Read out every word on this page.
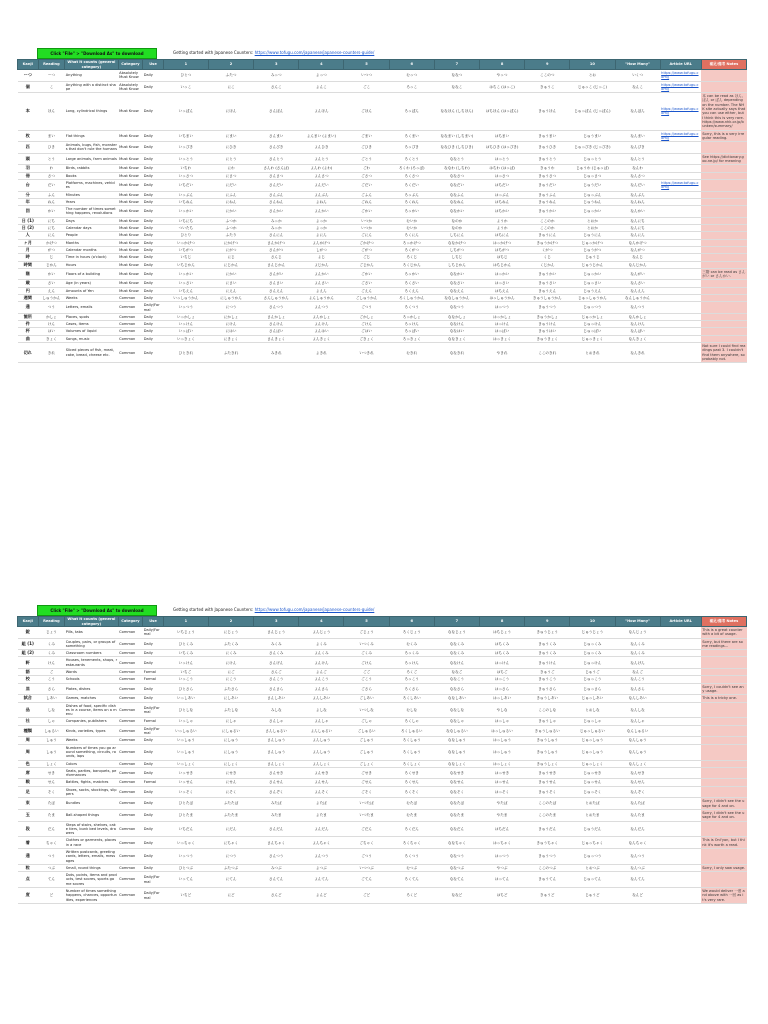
Click "File" > "Download As" to download	Getting started with Japanese Counters: https://www.tofugu.com/japanese/japanese-counters-guide/
Kanji	Reading	What it counts (general category)	Category	Use	1	2	3	4	5	6	7	8	9	10	"How Many"	Article URL	補足/備考 Notes
ーつ	ーつ	Anything	Absolutely Must Know	Daily	ひとつ	ふたつ	みっつ	よっつ	いつつ	むっつ	ななつ	やっつ	ここのつ	とお	いくつ	https://www.tofugu.com/j	
個	こ	Anything with a distinct shape	Absolutely Must Know	Daily	いっこ	にこ	さんこ	よんこ	ごこ	ろっこ	ななこ	はちこ (はっこ)	きゅうこ	じゅっこ (じっこ)	なんこ	https://www.tofugu.com/j	
本	ほん	Long, cylindrical things	Must Know	Daily	いっぽん	にほん	さんぼん	よんほん	ごほん	ろっぽん	ななほん (しちほん)	はちほん (はっぽん)	きゅうほん	じゅっぽん (じっぽん)	なんぼん	https://www.tofugu.com/j	本 can be read as ほん, ぼん or ぽん depending on the number. The NHK site actually says that you can use either, but I think this is very rare. https://www.nhk.or.jp/bunken/summary/
枚	まい	Flat things	Must Know	Daily	いちまい	にまい	さんまい	よんまい (よまい)	ごまい	ろくまい	ななまい (しちまい)	はちまい	きゅうまい	じゅうまい	なんまい	https://www.tofugu.com/j	Sorry, this is a very irregular reading.
匹	ひき	Animals, bugs, fish, monsters that don't rule the humans	Must Know	Daily	いっぴき	にひき	さんびき	よんひき	ごひき	ろっぴき	ななひき (しちひき)	はちひき (はっぴき)	きゅうひき	じゅっぴき (じっぴき)	なんびき		
頭	とう	Large animals, farm animals	Must Know	Daily	いっとう	にとう	さんとう	よんとう	ごとう	ろくとう	ななとう	はっとう	きゅうとう	じゅっとう	なんとう		See https://dictionary.goo.ne.jp/ for meaning
羽	わ	Birds, rabbits	Must Know	Daily	いちわ	にわ	さんわ (さんば)	よんわ (よわ)	ごわ	ろくわ (ろっぱ)	ななわ (しちわ)	はちわ (はっぱ)	きゅうわ	じゅうわ (じゅっぱ)	なんわ		
冊	さつ	Books	Must Know	Daily	いっさつ	にさつ	さんさつ	よんさつ	ごさつ	ろくさつ	ななさつ	はっさつ	きゅうさつ	じゅっさつ	なんさつ		
台	だい	Platforms, machines, vehicles	Must Know	Daily	いちだい	にだい	さんだい	よんだい	ごだい	ろくだい	ななだい	はちだい	きゅうだい	じゅうだい	なんだい	https://www.tofugu.com/j	
分	ふん	Minutes	Must Know	Daily	いっぷん	にふん	さんぷん	よんぷん	ごふん	ろっぷん	ななふん	はっぷん	きゅうふん	じゅっぷん	なんぷん		
年	ねん	Years	Must Know	Daily	いちねん	にねん	さんねん	よねん	ごねん	ろくねん	ななねん	はちねん	きゅうねん	じゅうねん	なんねん		
回	かい	The number of times something happens, revolutions	Must Know	Daily	いっかい	にかい	さんかい	よんかい	ごかい	ろっかい	ななかい	はちかい	きゅうかい	じゅっかい	なんかい		
日 (1)	にち	Days	Must Know	Daily	いちにち	ふつか	みっか	よっか	いつか	むいか	なのか	ようか	ここのか	とおか	なんにち		
日 (2)	にち	Calendar days	Must Know	Daily	ついたち	ふつか	みっか	よっか	いつか	むいか	なのか	ようか	ここのか	とおか	なんにち		
人	にん	People	Must Know	Daily	ひとり	ふたり	さんにん	よにん	ごにん	ろくにん	しちにん	はちにん	きゅうにん	じゅうにん	なんにん		
ヶ月	かげつ	Months	Must Know	Daily	いっかげつ	にかげつ	さんかげつ	よんかげつ	ごかげつ	ろっかげつ	ななかげつ	はっかげつ	きゅうかげつ	じゅっかげつ	なんかげつ		
月	がつ	Calendar months	Must Know	Daily	いちがつ	にがつ	さんがつ	しがつ	ごがつ	ろくがつ	しちがつ	はちがつ	くがつ	じゅうがつ	なんがつ		
時	じ	Time in hours (o'clock)	Must Know	Daily	いちじ	にじ	さんじ	よじ	ごじ	ろくじ	しちじ	はちじ	くじ	じゅうじ	なんじ		
時間	じかん	Hours	Must Know	Daily	いちじかん	にじかん	さんじかん	よじかん	ごじかん	ろくじかん	しちじかん	はちじかん	くじかん	じゅうじかん	なんじかん		
階	かい	Floors of a building	Must Know	Daily	いっかい	にかい	さんがい	よんかい	ごかい	ろっかい	ななかい	はっかい	きゅうかい	じゅっかい	なんがい		三階 can be read as さんがい or さんかい.
歳	さい	Age (in years)	Must Know	Daily	いっさい	にさい	さんさい	よんさい	ごさい	ろくさい	ななさい	はっさい	きゅうさい	じゅっさい	なんさい		
円	えん	Amounts of Yen	Must Know	Daily	いちえん	にえん	さんえん	よえん	ごえん	ろくえん	ななえん	はちえん	きゅうえん	じゅうえん	なんえん		
週間	しゅうかん	Weeks	Common	Daily	いっしゅうかん	にしゅうかん	さんしゅうかん	よんしゅうかん	ごしゅうかん	ろくしゅうかん	ななしゅうかん	はっしゅうかん	きゅうしゅうかん	じゅっしゅうかん	なんしゅうかん		
通	つう	Letters, emails	Common	Daily/Formal	いっつう	につう	さんつう	よんつう	ごつう	ろくつう	ななつう	はっつう	きゅうつう	じゅっつう	なんつう		
箇所	かしょ	Places, spots	Common	Daily	いっかしょ	にかしょ	さんかしょ	よんかしょ	ごかしょ	ろっかしょ	ななかしょ	はっかしょ	きゅうかしょ	じゅっかしょ	なんかしょ		
件	けん	Cases, items	Common	Daily	いっけん	にけん	さんけん	よんけん	ごけん	ろっけん	ななけん	はっけん	きゅうけん	じゅっけん	なんけん		
杯	はい	Volumes of liquid	Common	Daily	いっぱい	にはい	さんばい	よんはい	ごはい	ろっぱい	ななはい	はっぱい	きゅうはい	じゅっぱい	なんばい		
曲	きょく	Songs, music	Common	Daily	いっきょく	にきょく	さんきょく	よんきょく	ごきょく	ろっきょく	ななきょく	はっきょく	きゅうきょく	じゅっきょく	なんきょく		
切れ	きれ	Sliced pieces of fish, meat, cake, bread, cheese etc.	Common	Daily	ひときれ	ふたきれ	みきれ	よきれ	いつきれ	むきれ	ななきれ	やきれ	ここのきれ	とおきれ	なんきれ		Not sure I could find readings past 3. I couldn't find them anywhere, so probably not.
Click "File" > "Download As" to download	Getting started with Japanese Counters: https://www.tofugu.com/japanese/japanese-counters-guide/
Kanji	Reading	What it counts (general category)	Category	Use	1	2	3	4	5	6	7	8	9	10	"How Many"	Article URL	補足/備考 Notes
錠	じょう	Pills, tabs	Common	Daily/Formal	いちじょう	にじょう	さんじょう	よんじょう	ごじょう	ろくじょう	ななじょう	はちじょう	きゅうじょう	じゅうじょう	なんじょう		This is a great counter with a bit of usage.
組 (1)	くみ	Couples, pairs, or groups of something	Common	Daily	ひとくみ	ふたくみ	みくみ	よくみ	いつくみ	むくみ	ななくみ	はちくみ	きゅうくみ	じゅっくみ	なんくみ		Sorry, but there are some readings...
組 (2)	くみ	Classroom numbers	Common	Daily	いちくみ	にくみ	さんくみ	よんくみ	ごくみ	ろっくみ	ななくみ	はちくみ	きゅうくみ	じゅっくみ	なんくみ		
軒	けん	Houses, tenements, shops, restaurants	Common	Daily	いっけん	にけん	さんげん	よんけん	ごけん	ろっけん	ななけん	はっけん	きゅうけん	じゅっけん	なんげん		
語	ご	Words	Common	Formal	いちご	にご	さんご	よんご	ごご	ろくご	ななご	はちご	きゅうご	じゅうご	なんご		
校	こう	Schools	Common	Formal	いっこう	にこう	さんこう	よんこう	ごこう	ろっこう	ななこう	はっこう	きゅうこう	じゅっこう	なんこう		
皿	さら	Plates, dishes	Common	Daily	ひとさら	ふたさら	さんさら	よんさら	ごさら	ろくさら	ななさら	はっさら	きゅうさら	じゅっさら	なんさら		Sorry, I couldn't see any usage.
試合	しあい	Games, matches	Common	Daily	いっしあい	にしあい	さんしあい	よんしあい	ごしあい	ろくしあい	ななしあい	はっしあい	きゅうしあい	じゅっしあい	なんしあい		This is a tricky one.
品	しな	Dishes of food, specific dishes in a course, items on a menu	Common	Daily/Formal	ひとしな	ふたしな	みしな	よしな	いつしな	むしな	ななしな	やしな	ここのしな	とおしな	なんしな		
社	しゃ	Companies, publishers	Common	Formal	いっしゃ	にしゃ	さんしゃ	よんしゃ	ごしゃ	ろくしゃ	ななしゃ	はっしゃ	きゅうしゃ	じゅっしゃ	なんしゃ		
種類	しゅるい	Kinds, varieties, types	Common	Daily/Formal	いっしゅるい	にしゅるい	さんしゅるい	よんしゅるい	ごしゅるい	ろくしゅるい	ななしゅるい	はっしゅるい	きゅうしゅるい	じゅっしゅるい	なんしゅるい		
周	しゅう	Weeks	Common	Daily	いっしゅう	にしゅう	さんしゅう	よんしゅう	ごしゅう	ろくしゅう	ななしゅう	はっしゅう	きゅうしゅう	じゅっしゅう	なんしゅう		
周	しゅう	Numbers of times you go around something, circuits, rounds, laps	Common	Daily	いっしゅう	にしゅう	さんしゅう	よんしゅう	ごしゅう	ろくしゅう	ななしゅう	はっしゅう	きゅうしゅう	じゅっしゅう	なんしゅう		
色	しょく	Colors	Common	Daily	いっしょく	にしょく	さんしょく	よんしょく	ごしょく	ろくしょく	ななしょく	はっしょく	きゅうしょく	じゅっしょく	なんしょく		
席	せき	Seats, parties, banquets, performances	Common	Daily	いっせき	にせき	さんせき	よんせき	ごせき	ろくせき	ななせき	はっせき	きゅうせき	じゅっせき	なんせき		
戦	せん	Battles, fights, matches	Common	Formal	いっせん	にせん	さんせん	よんせん	ごせん	ろくせん	ななせん	はっせん	きゅうせん	じゅっせん	なんせん		
足	そく	Shoes, socks, stockings, slippers	Common	Daily	いっそく	にそく	さんぞく	よんそく	ごそく	ろくそく	ななそく	はっそく	きゅうそく	じゅっそく	なんぞく		
束	たば	Bundles	Common	Daily	ひとたば	ふたたば	みたば	よたば	いつたば	むたば	ななたば	やたば	ここのたば	とおたば	なんたば		Sorry, I didn't see the usage for 4 and on.
玉	たま	Ball-shaped things	Common	Daily	ひとたま	ふたたま	みたま	よたま	いつたま	むたま	ななたま	やたま	ここのたま	とおたま	なんたま		Sorry, I didn't see the usage for 4 and on.
段	だん	Steps of stairs, shelves, cake tiers, bunk bed levels, drawers	Common	Daily	いちだん	にだん	さんだん	よんだん	ごだん	ろくだん	ななだん	はちだん	きゅうだん	じゅうだん	なんだん		
着	ちゃく	Clothes or garments, places in a race	Common	Daily	いっちゃく	にちゃく	さんちゃく	よんちゃく	ごちゃく	ろくちゃく	ななちゃく	はっちゃく	きゅうちゃく	じゅっちゃく	なんちゃく		This is Onl'yon, but I think it's worth a read.
通	つう	Written postcards, greeting cards, letters, emails, messages	Common	Daily	いっつう	につう	さんつう	よんつう	ごつう	ろくつう	ななつう	はっつう	きゅうつう	じゅっつう	なんつう		
粒	つぶ	Small, round things	Common	Daily	ひとつぶ	ふたつぶ	みつぶ	よつぶ	いつつぶ	むつぶ	ななつぶ	やつぶ	ここのつぶ	とおつぶ	なんつぶ		Sorry, I only saw usage.
点	てん	Dots, points, items and products, test scores, sports game scores	Common	Daily/Formal	いってん	にてん	さんてん	よんてん	ごてん	ろくてん	ななてん	はってん	きゅうてん	じゅってん	なんてん		
度	ど	Number of times something happens, chances, opportunities, experiences	Common	Daily/Formal	いちど	にど	さんど	よんど	ごど	ろくど	ななど	はちど	きゅうど	じゅうど	なんど		We would deliver 一度 and above with 一回 as it's very rare.
